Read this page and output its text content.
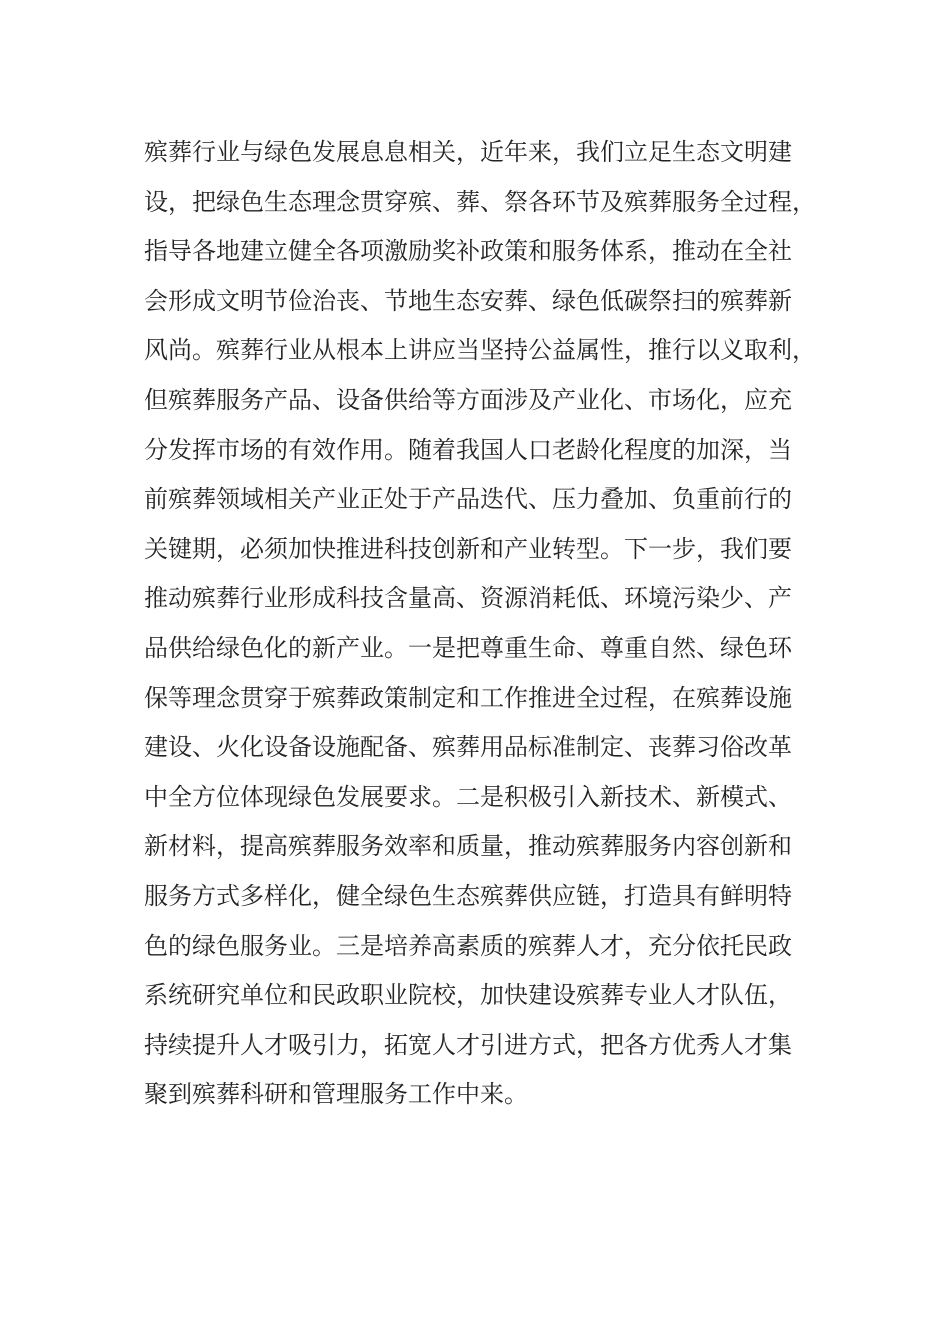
殡葬行业与绿色发展息息相关，近年来，我们立足生态文明建
设，把绿色生态理念贯穿殡、葬、祭各环节及殡葬服务全过程，
指导各地建立健全各项激励奖补政策和服务体系，推动在全社
会形成文明节俭治丧、节地生态安葬、绿色低碳祭扫的殡葬新
风尚。殡葬行业从根本上讲应当坚持公益属性，推行以义取利，
但殡葬服务产品、设备供给等方面涉及产业化、市场化，应充
分发挥市场的有效作用。随着我国人口老龄化程度的加深，当
前殡葬领域相关产业正处于产品迭代、压力叠加、负重前行的
关键期，必须加快推进科技创新和产业转型。下一步，我们要
推动殡葬行业形成科技含量高、资源消耗低、环境污染少、产
品供给绿色化的新产业。一是把尊重生命、尊重自然、绿色环
保等理念贯穿于殡葬政策制定和工作推进全过程，在殡葬设施
建设、火化设备设施配备、殡葬用品标准制定、丧葬习俗改革
中全方位体现绿色发展要求。二是积极引入新技术、新模式、
新材料，提高殡葬服务效率和质量，推动殡葬服务内容创新和
服务方式多样化，健全绿色生态殡葬供应链，打造具有鲜明特
色的绿色服务业。三是培养高素质的殡葬人才，充分依托民政
系统研究单位和民政职业院校，加快建设殡葬专业人才队伍，
持续提升人才吸引力，拓宽人才引进方式，把各方优秀人才集
聚到殡葬科研和管理服务工作中来。
